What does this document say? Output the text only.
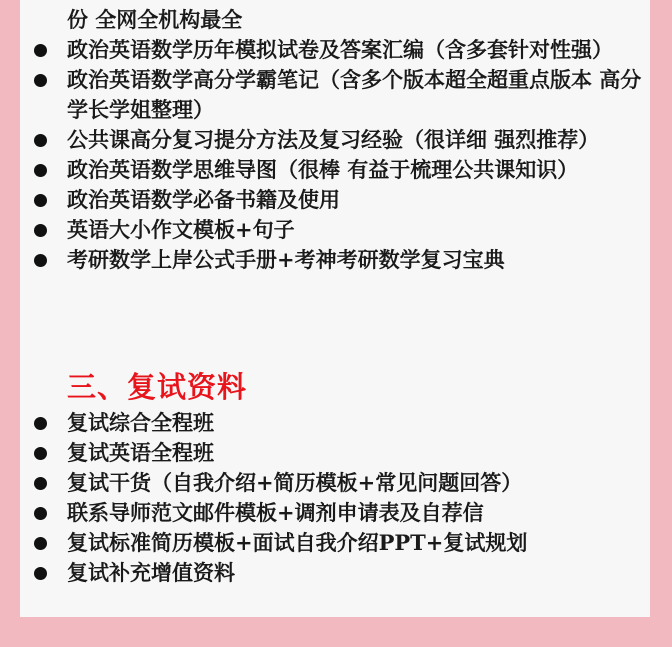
份 全网全机构最全
政治英语数学历年模拟试卷及答案汇编（含多套针对性强）
政治英语数学高分学霸笔记（含多个版本超全超重点版本 高分学长学姐整理）
公共课高分复习提分方法及复习经验（很详细 强烈推荐）
政治英语数学思维导图（很棒 有益于梳理公共课知识）
政治英语数学必备书籍及使用
英语大小作文模板+句子
考研数学上岸公式手册+考神考研数学复习宝典
三、复试资料
复试综合全程班
复试英语全程班
复试干货（自我介绍+简历模板+常见问题回答）
联系导师范文邮件模板+调剂申请表及自荐信
复试标准简历模板+面试自我介绍PPT+复试规划
复试补充增值资料
